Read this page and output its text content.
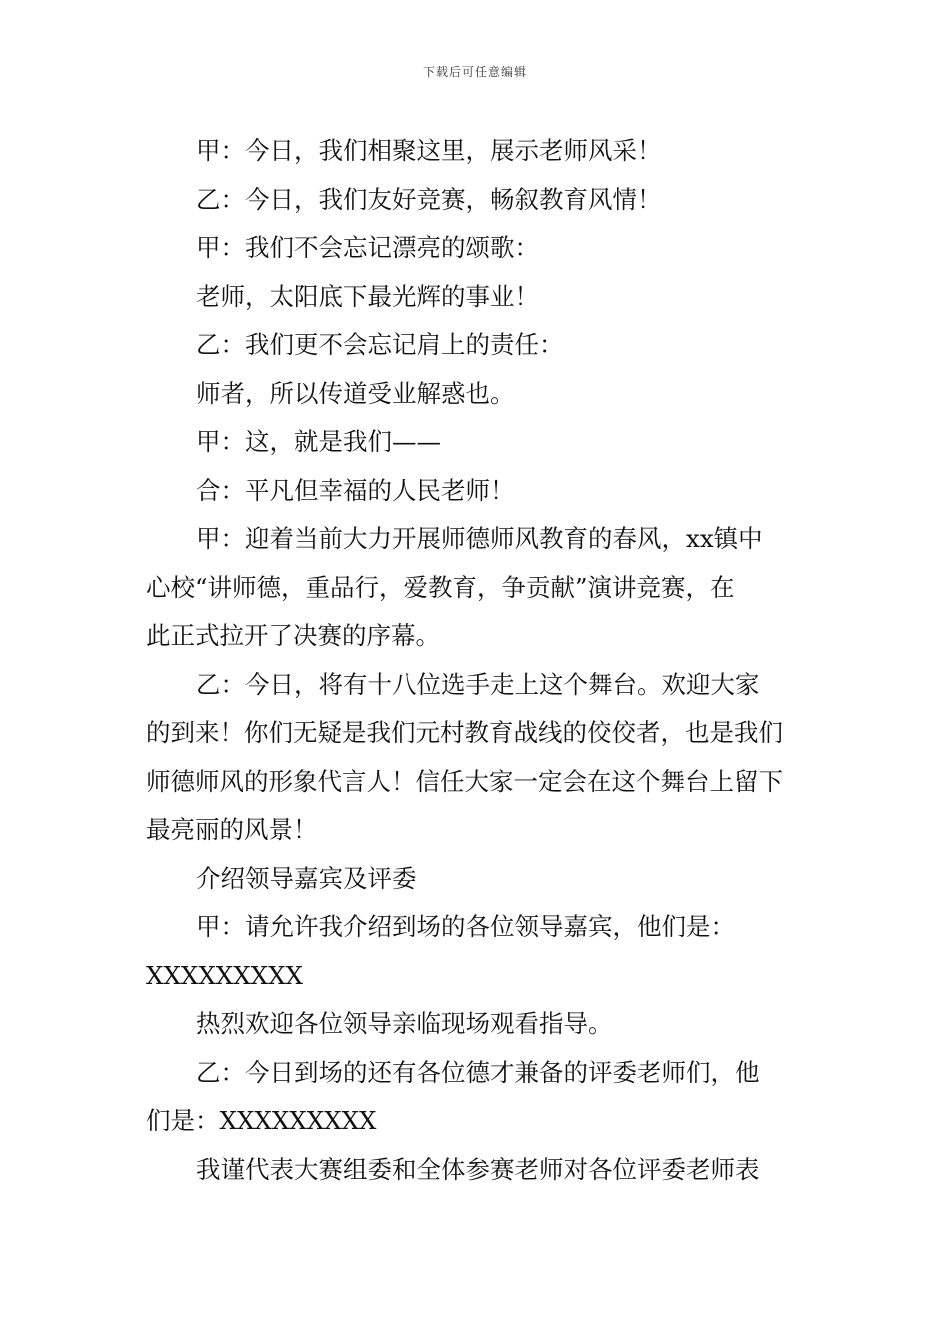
下载后可任意编辑

甲：今日，我们相聚这里，展示老师风采！

乙：今日，我们友好竞赛，畅叙教育风情！

甲：我们不会忘记漂亮的颂歌：

老师，太阳底下最光辉的事业！

乙：我们更不会忘记肩上的责任：

师者，所以传道受业解惑也。

甲：这，就是我们——

合：平凡但幸福的人民老师！

甲：迎着当前大力开展师德师风教育的春风，xx镇中

心校“讲师德，重品行，爱教育，争贡献”演讲竞赛，在

此正式拉开了决赛的序幕。

乙：今日，将有十八位选手走上这个舞台。欢迎大家

的到来！你们无疑是我们元村教育战线的佼佼者，也是我们

师德师风的形象代言人！信任大家一定会在这个舞台上留下

最亮丽的风景！

介绍领导嘉宾及评委

甲：请允许我介绍到场的各位领导嘉宾，他们是：

XXXXXXXXX

热烈欢迎各位领导亲临现场观看指导。

乙：今日到场的还有各位德才兼备的评委老师们，他

们是：XXXXXXXXX

我谨代表大赛组委和全体参赛老师对各位评委老师表
